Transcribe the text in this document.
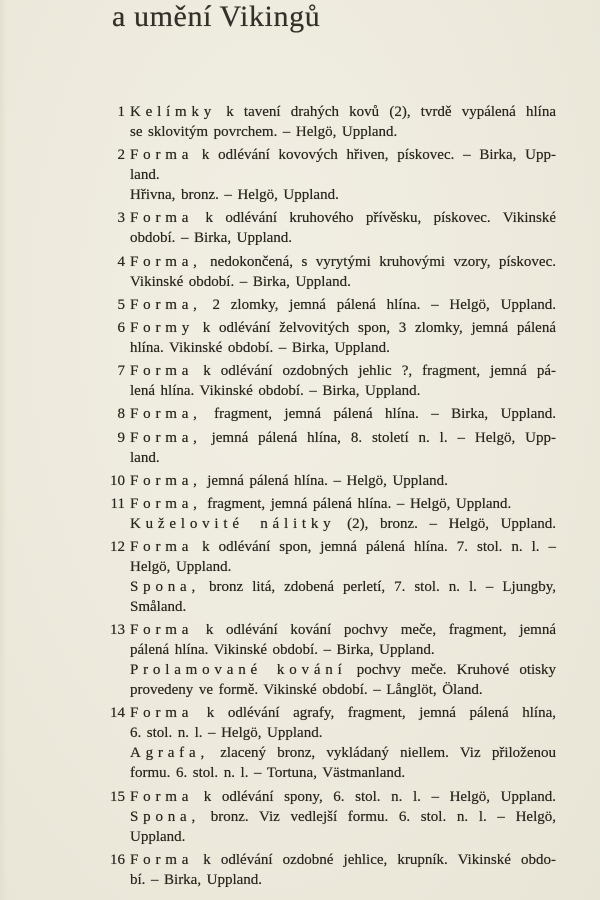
a umění Vikingů
1 Kelímky k tavení drahých kovů (2), tvrdě vypálená hlína
se sklovitým povrchem. – Helgö, Uppland.
2 Forma k odlévání kovových hřiven, pískovec. – Birka, Upp-
land.
Hřivna, bronz. – Helgö, Uppland.
3 Forma k odlévání kruhového přívěsku, pískovec. Vikinské
období. – Birka, Uppland.
4 Forma, nedokončená, s vyrytými kruhovými vzory, pískovec.
Vikinské období. – Birka, Uppland.
5 Forma, 2 zlomky, jemná pálená hlína. – Helgö, Uppland.
6 Formy k odlévání želvovitých spon, 3 zlomky, jemná pálená
hlína. Vikinské období. – Birka, Uppland.
7 Forma k odlévání ozdobných jehlic ?, fragment, jemná pá-
lená hlína. Vikinské období. – Birka, Uppland.
8 Forma, fragment, jemná pálená hlína. – Birka, Uppland.
9 Forma, jemná pálená hlína, 8. století n. l. – Helgö, Upp-
land.
10 Forma, jemná pálená hlína. – Helgö, Uppland.
11 Forma, fragment, jemná pálená hlína. – Helgö, Uppland.
Kuželovité nálitky (2), bronz. – Helgö, Uppland.
12 Forma k odlévání spon, jemná pálená hlína. 7. stol. n. l. –
Helgö, Uppland.
Spona, bronz litá, zdobená perletí, 7. stol. n. l. – Ljungby,
Småland.
13 Forma k odlévání kování pochvy meče, fragment, jemná
pálená hlína. Vikinské období. – Birka, Uppland.
Prolamované kování pochvy meče. Kruhové otisky
provedeny ve formě. Vikinské období. – Långlöt, Öland.
14 Forma k odlévání agrafy, fragment, jemná pálená hlína,
6. stol. n. l. – Helgö, Uppland.
Agrafa, zlacený bronz, vykládaný niellem. Viz přiloženou
formu. 6. stol. n. l. – Tortuna, Västmanland.
15 Forma k odlévání spony, 6. stol. n. l. – Helgö, Uppland.
Spona, bronz. Viz vedlejší formu. 6. stol. n. l. – Helgö,
Uppland.
16 Forma k odlévání ozdobné jehlice, krupník. Vikinské obdo-
bí. – Birka, Uppland.
